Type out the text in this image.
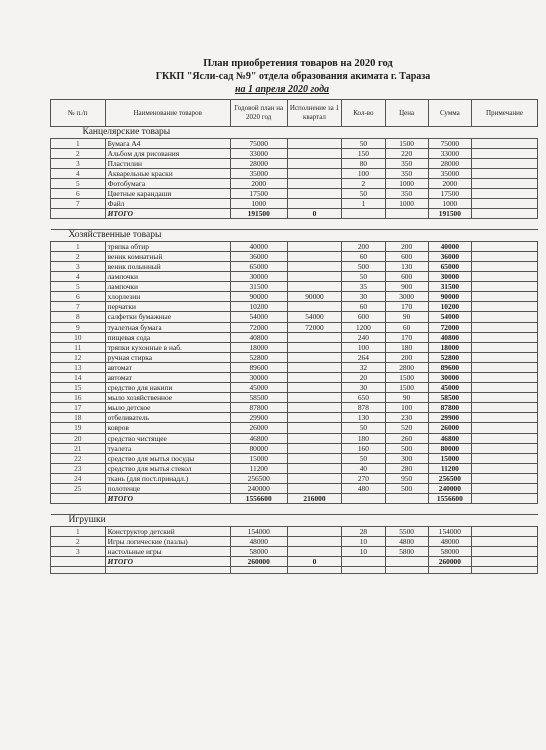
План приобретения товаров на 2020 год
ГККП "Ясли-сад №9" отдела образования акимата г. Тараза
на 1 апреля 2020 года
№ п./п	Наименование товаров	Годовой план на 2020 год	Исполнение за 1 квартал	Кол-во	Цена	Сумма	Примечание
Канцелярские товары							
1	Бумага А4	75000		50	1500	75000	
2	Альбом для рисования	33000		150	220	33000	
3	Пластилин	28000		80	350	28000	
4	Акварельные краски	35000		100	350	35000	
5	Фотобумага	2000		2	1000	2000	
6	Цветные карандаши	17500		50	350	17500	
7	Файл	1000		1	1000	1000	
	ИТОГО	191500	0			191500	

Хозяйственные товары							
1	тряпка обтир	40000		200	200	40000	
2	веник комнатный	36000		60	600	36000	
3	веник полынный	65000		500	130	65000	
4	лампочки	30000		50	600	30000	
5	лампочки	31500		35	900	31500	
6	хлорлезин	90000	90000	30	3000	90000	
7	перчатки	10200		60	170	10200	
8	салфетки бумажные	54000	54000	600	90	54000	
9	туалетная бумага	72000	72000	1200	60	72000	
10	пищевая сода	40800		240	170	40800	
11	тряпки кухонные в наб.	18000		100	180	18000	
12	ручная стирка	52800		264	200	52800	
13	автомат	89600		32	2800	89600	
14	автомат	30000		20	1500	30000	
15	средство для накипи	45000		30	1500	45000	
16	мыло хозяйственное	58500		650	90	58500	
17	мыло детское	87800		878	100	87800	
18	отбеливатель	29900		130	230	29900	
19	ковров	26000		50	520	26000	
20	средство чистящее	46800		180	260	46800	
21	туалета	80000		160	500	80000	
22	средство для мытья посуды	15000		50	300	15000	
23	средство для мытья стекол	11200		40	280	11200	
24	ткань (для пост.принадл.)	256500		270	950	256500	
25	полотенце	240000		480	500	240000	
	ИТОГО	1556600	216000			1556600	

Игрушки							
1	Конструктор детский	154000		28	5500	154000	
2	Игры логические (пазлы)	48000		10	4800	48000	
3	настольные игры	58000		10	5800	58000	
	ИТОГО	260000	0			260000	
